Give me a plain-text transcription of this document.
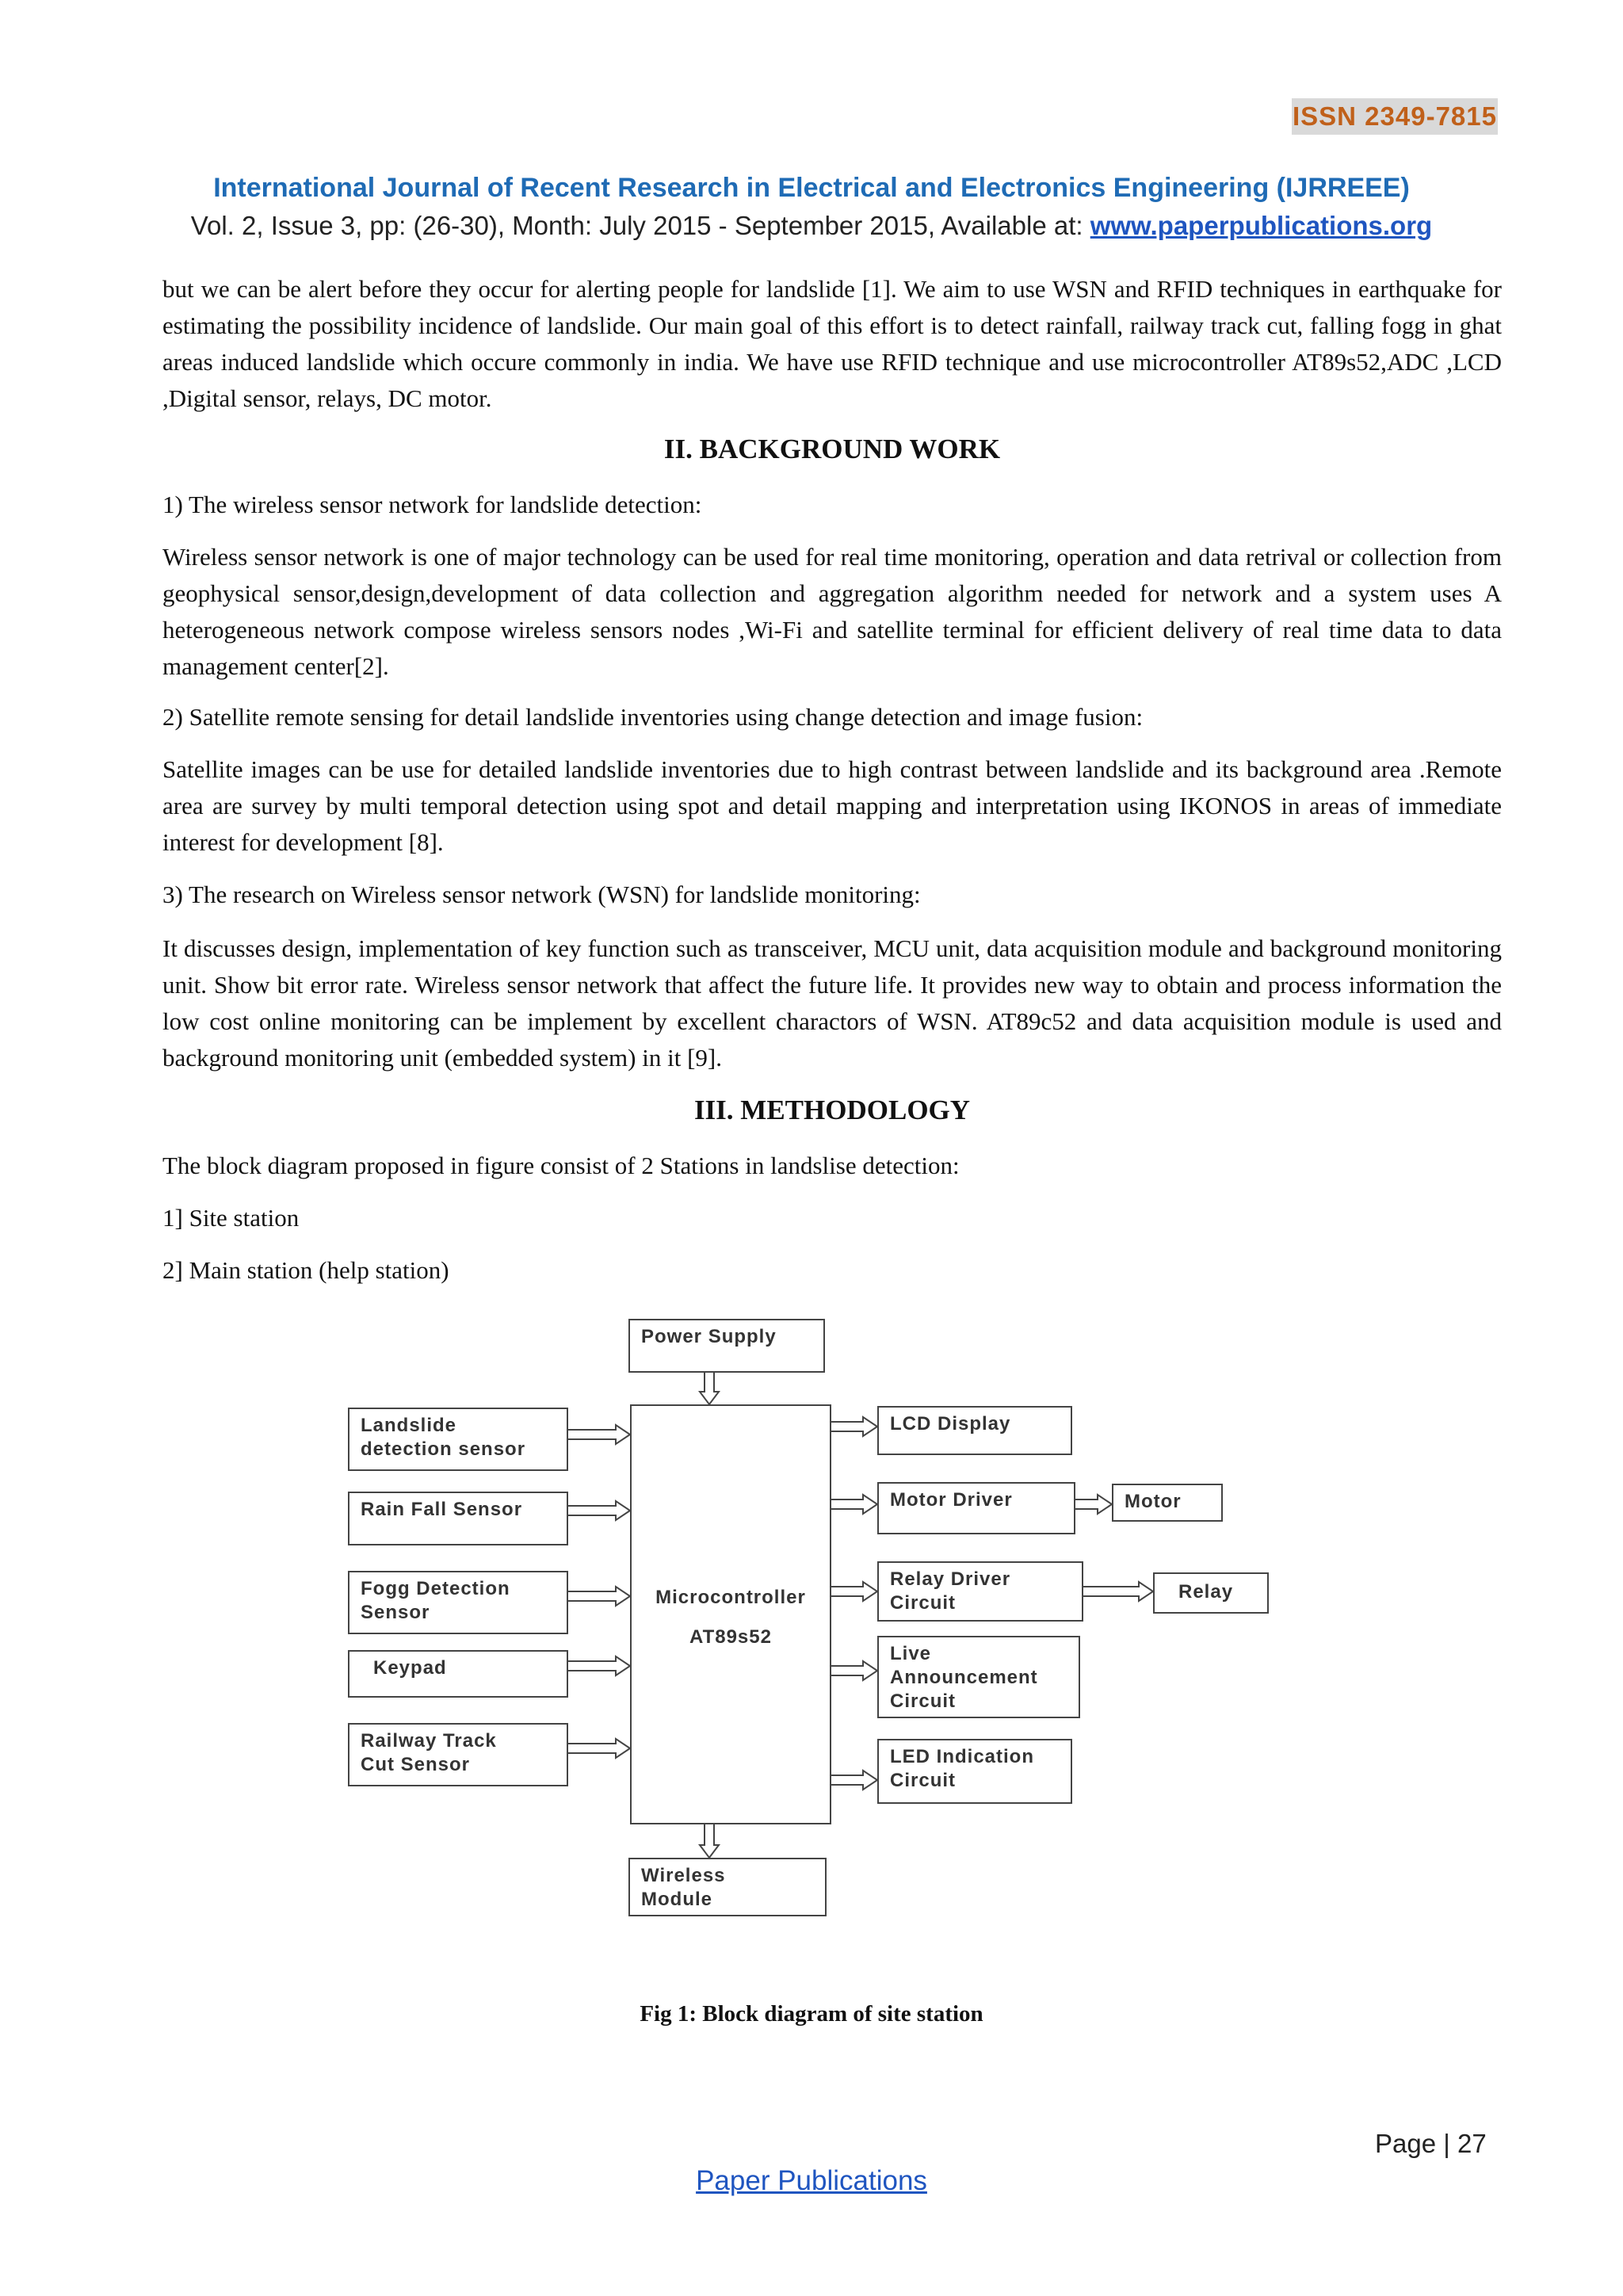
ISSN 2349-7815
International Journal of Recent Research in Electrical and Electronics Engineering (IJRREEE)
Vol. 2, Issue 3, pp: (26-30), Month: July 2015 - September 2015, Available at: www.paperpublications.org

but we can be alert before they occur for alerting people for landslide [1]. We aim to use WSN and RFID techniques in earthquake for estimating the possibility incidence of landslide. Our main goal of this effort is to detect rainfall, railway track cut, falling fogg in ghat areas induced landslide which occure commonly in india. We have use RFID technique and use microcontroller AT89s52,ADC ,LCD ,Digital sensor, relays, DC motor.

II. BACKGROUND WORK

1) The wireless sensor network for landslide detection:

Wireless sensor network is one of major technology can be used for real time monitoring, operation and data retrival or collection from geophysical sensor,design,development of data collection and aggregation algorithm needed for network and a system uses A heterogeneous network compose wireless sensors nodes ,Wi-Fi and satellite terminal for efficient delivery of real time data to data management center[2].

2) Satellite remote sensing for detail landslide inventories using change detection and image fusion:

Satellite images can be use for detailed landslide inventories due to high contrast between landslide and its background area .Remote area are survey by multi temporal detection using spot and detail mapping and interpretation using IKONOS in areas of immediate interest for development [8].

3) The research on Wireless sensor network (WSN) for landslide monitoring:

It discusses design, implementation of key function such as transceiver, MCU unit, data acquisition module and background monitoring unit. Show bit error rate. Wireless sensor network that affect the future life. It provides new way to obtain and process information the low cost online monitoring can be implement by excellent charactors of WSN. AT89c52 and data acquisition module is used and background monitoring unit (embedded system) in it [9].

III. METHODOLOGY

The block diagram proposed in figure consist of 2 Stations in landslise detection:

1] Site station

2] Main station (help station)

Power Supply
Microcontroller
AT89s52
Wireless
Module
Landslide
detection sensor
Rain Fall Sensor
Fogg Detection
Sensor
Keypad
Railway Track
Cut Sensor
LCD Display
Motor Driver
Relay Driver
Circuit
Live
Announcement
Circuit
LED Indication
Circuit
Motor
Relay
Fig 1: Block diagram of site station
Page | 27
Paper Publications
